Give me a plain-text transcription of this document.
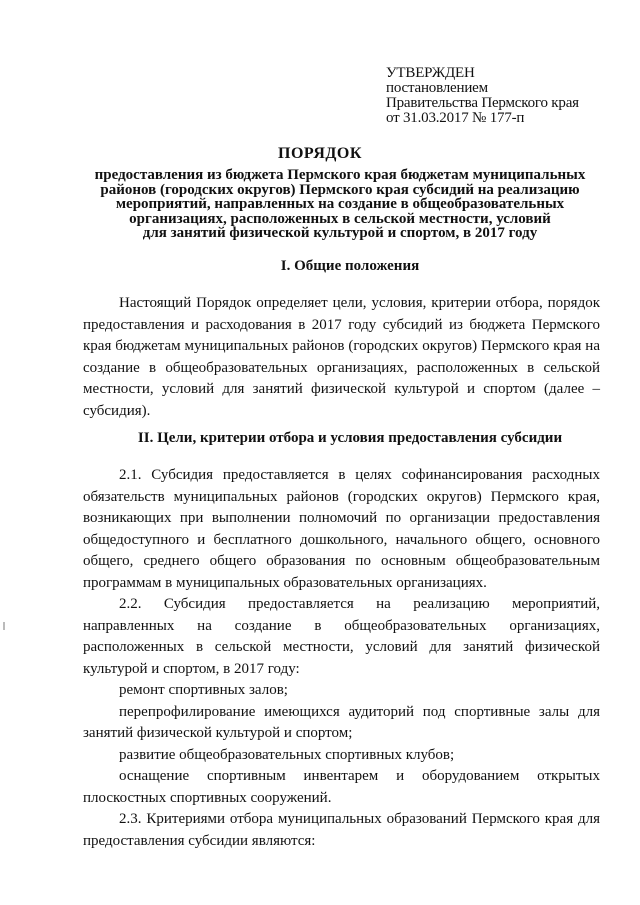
УТВЕРЖДЕН
постановлением
Правительства Пермского края
от 31.03.2017 № 177-п
ПОРЯДОК
предоставления из бюджета Пермского края бюджетам муниципальных
районов (городских округов) Пермского края субсидий на реализацию
мероприятий, направленных на создание в общеобразовательных
организациях, расположенных в сельской местности, условий
для занятий физической культурой и спортом, в 2017 году
I. Общие положения

Настоящий Порядок определяет цели, условия, критерии отбора, порядок предоставления и расходования в 2017 году субсидий из бюджета Пермского края бюджетам муниципальных районов (городских округов) Пермского края на создание в общеобразовательных организациях, расположенных в сельской местности, условий для занятий физической культурой и спортом (далее – субсидия).

II. Цели, критерии отбора и условия предоставления субсидии

2.1. Субсидия предоставляется в целях софинансирования расходных обязательств муниципальных районов (городских округов) Пермского края, возникающих при выполнении полномочий по организации предоставления общедоступного и бесплатного дошкольного, начального общего, основного общего, среднего общего образования по основным общеобразовательным программам в муниципальных образовательных организациях.

2.2. Субсидия предоставляется на реализацию мероприятий, направленных на создание в общеобразовательных организациях, расположенных в сельской местности, условий для занятий физической культурой и спортом, в 2017 году:

ремонт спортивных залов;

перепрофилирование имеющихся аудиторий под спортивные залы для занятий физической культурой и спортом;

развитие общеобразовательных спортивных клубов;

оснащение спортивным инвентарем и оборудованием открытых плоскостных спортивных сооружений.

2.3. Критериями отбора муниципальных образований Пермского края для предоставления субсидии являются:
